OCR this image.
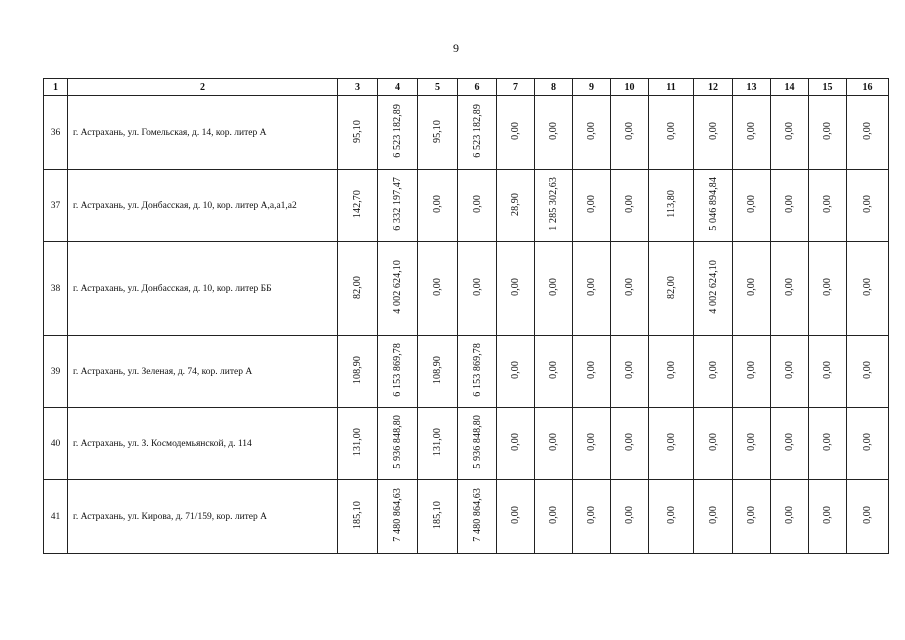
9
1	2	3	4	5	6	7	8	9	10	11	12	13	14	15	16
36	г. Астрахань, ул. Гомельская, д. 14, кор. литер А	95,10	6 523 182,89	95,10	6 523 182,89	0,00	0,00	0,00	0,00	0,00	0,00	0,00	0,00	0,00	0,00
37	г. Астрахань, ул. Донбасская, д. 10, кор. литер А,а,а1,а2	142,70	6 332 197,47	0,00	0,00	28,90	1 285 302,63	0,00	0,00	113,80	5 046 894,84	0,00	0,00	0,00	0,00
38	г. Астрахань, ул. Донбасская, д. 10, кор. литер ББ	82,00	4 002 624,10	0,00	0,00	0,00	0,00	0,00	0,00	82,00	4 002 624,10	0,00	0,00	0,00	0,00
39	г. Астрахань, ул. Зеленая, д. 74, кор. литер А	108,90	6 153 869,78	108,90	6 153 869,78	0,00	0,00	0,00	0,00	0,00	0,00	0,00	0,00	0,00	0,00
40	г. Астрахань, ул. З. Космодемьянской, д. 114	131,00	5 936 848,80	131,00	5 936 848,80	0,00	0,00	0,00	0,00	0,00	0,00	0,00	0,00	0,00	0,00
41	г. Астрахань, ул. Кирова, д. 71/159, кор. литер А	185,10	7 480 864,63	185,10	7 480 864,63	0,00	0,00	0,00	0,00	0,00	0,00	0,00	0,00	0,00	0,00
